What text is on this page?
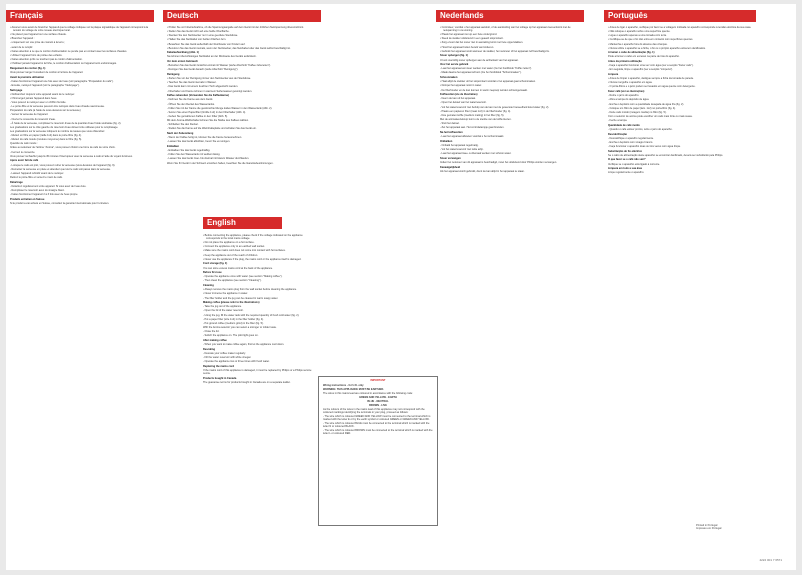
Français

• Assurez-vous avant de brancher l'appareil que la voltage indiquée sur la plaque signalétique de l'appareil correspond à la tension du voltage de votre réseau électrique local.

• Ne placez pas l'appareil sur une surface chaude.

• Branchez l'appareil :

- uniquement sur une prise de courant à la terre ;

- avant de le remplir.

• Faites attention à ce que le cordon d'alimentation ne pende pas en contact avec les surfaces chaudes.

• Utilisez l'appareil hors de portée des enfants.

• Faites attention qu'ils ne touchent pas le cordon d'alimentation.

• N'utilisez jamais l'appareil si la fiche, le cordon d'alimentation ou l'appareil sont endommagés.

Rangement du cordon (fig. 1)

Vous pouvez ranger l'excédent de cordon à l'arrière de l'appareil.

Avant la première utilisation

- Faites fonctionner l'appareil une fois avec de l'eau (voir paragraphe "Préparation du café").

- Ensuite, nettoyez l'appareil (voir le paragraphe "Nettoyage").

Nettoyage

• Débranchez toujours votre appareil avant de le nettoyer.

• N'immergez jamais l'appareil dans l'eau.

- Vous pouvez le nettoyer avec un chiffon humide.

- Le porte-filtre et la verseuse peuvent être nettoyés dans l'eau chaude savonneuse.

Préparation du café (à l'aide de sous-dessous sur la verseuse)

- Versez la verseuse de l'appareil.

- Ouvrez le couvercle du réservoir d'eau.

- À l'aide de la verseuse, remplissez le réservoir d'eau de la quantité d'eau froide souhaitée (fig. 2).

Les graduations sur le côté gauche du réservoir d'eau doivent être utilisées pour le remplissage.

Les graduations sur la verseuse indiquent le nombre de tasses que vous obtiendrez.

- Mettez un filtre en papier (taille 1x2) dans le porte-filtre (fig. 4).

- Mettez du café moulu (mouture moyenne) dans le filtre (fig. 5).

Quantité de café moulu :

Grâce au sélecteur de l'arôme "Aroma", vous pouvez choisir une force de café de votre choix.

- Fermez le couvercle.

Vous pouvez réchauffer jusqu'à 45 minutes l'interrupteur avec la verseuse à café à l'aide du voyant lumineux.

Après avoir fait du café

- Lorsque le café est prêt, vous pouvez retirer la verseuse (sous-dessous de l'appareil (fig. 9).

- Remettez la verseuse en place et attendez que tout le café soit passé dans la verseuse.

- Laissez l'appareil refroidir avant de le nettoyer.

Retirez le porte-filtre et versez le marc de café.

Détartrage

- Détartrez régulièrement votre appareil. Si vous avez de l'eau dure.

- Remplissez le réservoir avec du vinaigre blanc.

- Faites fonctionner l'appareil 2 à 3 fois avec de l'eau propre.

Produits entretien en Suisse

Si le produit a été acheté en Suisse, consultez la garantie Internationale pour l'entretien.

Deutsch

• Prüfen Sie vor Inbetriebnahme, ob die Spannungsangabe auf dem Gerät mit der örtlichen Netzspannung übereinstimmt.

• Stellen Sie das Gerät nicht auf eine heiße Oberfläche.

• Stecken Sie den Netzstecker nur in eine geerdete Steckdose.

• Halten Sie das Netzkabel von heißen Flächen fern.

• Bewahren Sie das Gerät außerhalb der Reichweite von Kindern auf.

• Benutzen Sie das Gerät niemals, wenn der Netzstecker, das Netzkabel oder das Gerät selbst beschädigt ist.

Kabelaufwicklung (Abb. 1)

Sie können überschüssiges Netzkabel an der Rückseite des Geräts aufwickeln.

Vor dem ersten Gebrauch

- Betreiben Sie das Gerät zunächst einmal mit Wasser (siehe Abschnitt "Kaffee zubereiten").

- Reinigen Sie das Gerät danach (siehe Abschnitt "Reinigung").

Reinigung

• Ziehen Sie vor der Reinigung immer den Netzstecker aus der Steckdose.

• Tauchen Sie das Gerät niemals in Wasser.

- Das Gerät kann mit einem feuchten Tuch abgewischt werden.

- Filterhalter und Kanne können in warmem Seifenwasser gereinigt werden.

Kaffee zubereiten (Verwenden Sie die Kaffeekanne)

- Nehmen Sie die Kanne aus dem Gerät.

- Öffnen Sie den Deckel des Wassertanks.

- Füllen Sie mit der Kanne die gewünschte Menge kaltes Wasser in den Wassertank (Abb. 2).

- Setzen Sie einen Papierfilter (Größe 1x2) in den Filterhalter (Abb. 4).

- Geben Sie gemahlenen Kaffee in den Filter (Abb. 5).

Mit dem Aroma-Wahlschalter können Sie die Stärke des Kaffees wählen.

- Schließen Sie den Deckel.

- Stellen Sie die Kanne auf die Warmhalteplatte und schalten Sie das Gerät ein.

Nach der Zubereitung

- Wenn der Kaffee fertig ist, können Sie die Kanne herausnehmen.

- Lassen Sie das Gerät abkühlen, bevor Sie es reinigen.

Entkalken

- Entkalken Sie das Gerät regelmäßig.

- Füllen Sie den Wassertank mit weißem Essig.

- Lassen Sie das Gerät zwei- bis dreimal mit klarem Wasser durchlaufen.

Wenn Sie Ihr Gerät in der Schweiz erworben haben, beachten Sie die Garantiebestimmungen.

English

• Before connecting the appliance, please check if the voltage indicated on the appliance corresponds to the local mains voltage.

• Do not place the appliance on a hot surface.

• Connect the appliance only to an earthed wall socket.

• Make sure the mains cord does not come into contact with hot surfaces.

• Keep the appliance out of the reach of children.

• Never use the appliance if the plug, the mains cord or the appliance itself is damaged.

Cord storage (fig. 1)

You can store excess mains cord at the back of the appliance.

Before first use

- Operate the appliance once with water (see section "Making coffee").

- Then clean the appliance (see section "Cleaning").

Cleaning

• Always remove the mains plug from the wall socket before cleaning the appliance.

• Never immerse the appliance in water.

- The filter holder and the jug can be cleaned in warm soapy water.

Making coffee (please refer to the illustrations)

- Take the jug out of the appliance.

- Open the lid of the water reservoir.

- Using the jug, fill the water tank with the required quantity of fresh cold water (fig. 2).

- Put a paper filter (size 1x2) in the filter holder (fig. 4).

- Put ground coffee (medium grind) in the filter (fig. 5).

With the Aroma selector you can select a stronger or milder taste.

- Close the lid.

- Switch the appliance on. The pilot light goes on.

After making coffee

- When you want to make coffee again, first let the appliance cool down.

Descaling

- Descale your coffee maker regularly.

- Fill the water reservoir with white vinegar.

- Operate the appliance two or three times with fresh water.

Replacing the mains cord

If the mains cord of this appliance is damaged, it must be replaced by Philips or a Philips service centre.

Products bought in Canada

The guarantee terms for products bought in Canada are on a separate leaflet.

IMPORTANT
Wiring instructions - for U.K. only
WARNING: THIS APPLIANCE MUST BE EARTHED.
The wires in this mains lead are coloured in accordance with the following code:
GREEN AND YELLOW - EARTH
BLUE - NEUTRAL
BROWN - LIVE
As the colours of the wires in the mains lead of this appliance may not correspond with the coloured markings identifying the terminals in your plug, proceed as follows:
- The wire which is coloured GREEN AND YELLOW must be connected to the terminal which is marked with the letter E or by the earth symbol or coloured GREEN or GREEN AND YELLOW.
- The wire which is coloured BLUE must be connected to the terminal which is marked with the letter N or coloured BLACK.
- The wire which is coloured BROWN must be connected to the terminal which is marked with the letter L or coloured RED.
Nederlands

• Controleer, voordat u het apparaat aansluit, of de aanduiding van het voltage op het apparaat overeenkomt met de netspanning in uw woning.

• Plaats het apparaat niet op een hete ondergrond.

• Steek de stekker uitsluitend in een geaard stopcontact.

• Zorg ervoor dat het snoer niet in aanraking komt met hete oppervlakken.

• Houd het apparaat buiten bereik van kinderen.

• Gebruik het apparaat nooit wanneer de stekker, het netsnoer of het apparaat zelf beschadigd is.

Snoer opbergen (fig. 1)

U kunt overtollig snoer opbergen aan de achterkant van het apparaat.

Voor het eerste gebruik

- Laat het apparaat één keer werken met water (zie het hoofdstuk "Koffie zetten").

- Maak daarna het apparaat schoon (zie het hoofdstuk "Schoonmaken").

Schoonmaken

• Haal altijd de stekker uit het stopcontact voordat u het apparaat gaat schoonmaken.

• Dompel het apparaat nooit in water.

- De filterhouder en de kan kunnen in warm zeepsop worden schoongemaakt.

Koffiezetten (zie de illustraties)

- Neem de kan uit het apparaat.

- Open het deksel van het waterreservoir.

- Vul het waterreservoir met behulp van de kan met de gewenste hoeveelheid koud water (fig. 2).

- Plaats een papieren filter (maat 1x2) in de filterhouder (fig. 4).

- Doe gemalen koffie (medium maling) in het filter (fig. 5).

Met de aromakeuzeknop kunt u de sterkte van de koffie kiezen.

- Sluit het deksel.

- Zet het apparaat aan. Het controlelampje gaat branden.

Na het koffiezetten

- Laat het apparaat afkoelen voordat u het schoonmaakt.

Ontkalken

- Ontkalk het apparaat regelmatig.

- Vul het waterreservoir met witte azijn.

- Laat het apparaat twee- à driemaal werken met schoon water.

Snoer vervangen

Indien het netsnoer van dit apparaat is beschadigd, moet het uitsluitend door Philips worden vervangen.

Kanaalgelijkheid

Als het apparaat wordt gebruikt, dient de kan altijd in het apparaat te staan.

Português

• Antes de ligar o aparelho, verifique por favor se a voltagem indicada no aparelho corresponde à tensão eléctrica da sua casa.

• Não coloque o aparelho sobre uma superfície quente.

• Ligue o aparelho apenas a uma tomada com terra.

• Certifique-se de que o fio não entra em contacto com superfícies quentes.

• Mantenha o aparelho fora do alcance das crianças.

• Nunca utilize o aparelho se a ficha, o fio ou o próprio aparelho estiverem danificados.

Arrumar o cabo de alimentação (fig. 1)

Pode arrumar o cabo em excesso na parte de trás do aparelho.

Antes da primeira utilização

- Faça o aparelho funcionar uma vez com água (ver a secção "Fazer café").

- Em seguida, limpe o aparelho (ver a secção "Limpeza").

Limpeza

• Antes de limpar o aparelho, desligue sempre a ficha da tomada de parede.

• Nunca mergulhe o aparelho em água.

- O porta-filtros e o jarro podem ser lavados em água quente com detergente.

Fazer café (ver as ilustrações)

- Retire o jarro do aparelho.

- Abra a tampa do depósito de água.

- Encha o depósito com a quantidade desejada de água fria (fig. 2).

- Coloque um filtro de papel (tam. 1x2) no porta-filtro (fig. 4).

- Deite café moído (moagem média) no filtro (fig. 5).

Com o selector de aroma pode escolher um café mais forte ou mais suave.

- Feche a tampa.

Quantidade de café moído

- Quando o café estiver pronto, retire o jarro do aparelho.

Descalcificação

- Descalcifique o aparelho regularmente.

- Encha o depósito com vinagre branco.

- Faça funcionar o aparelho duas ou três vezes com água limpa.

Substituição do fio eléctrico

Se o cabo de alimentação deste aparelho se encontrar danificado, deverá ser substituído pela Philips.

O que fazer se o café não sair?

Verifique se o aparelho está ligado à corrente.

Limpeza em todo a sua área

Limpe regularmente o aparelho.

Printed in Portugal
Impresso em Portugal
4222 001 7 6571
